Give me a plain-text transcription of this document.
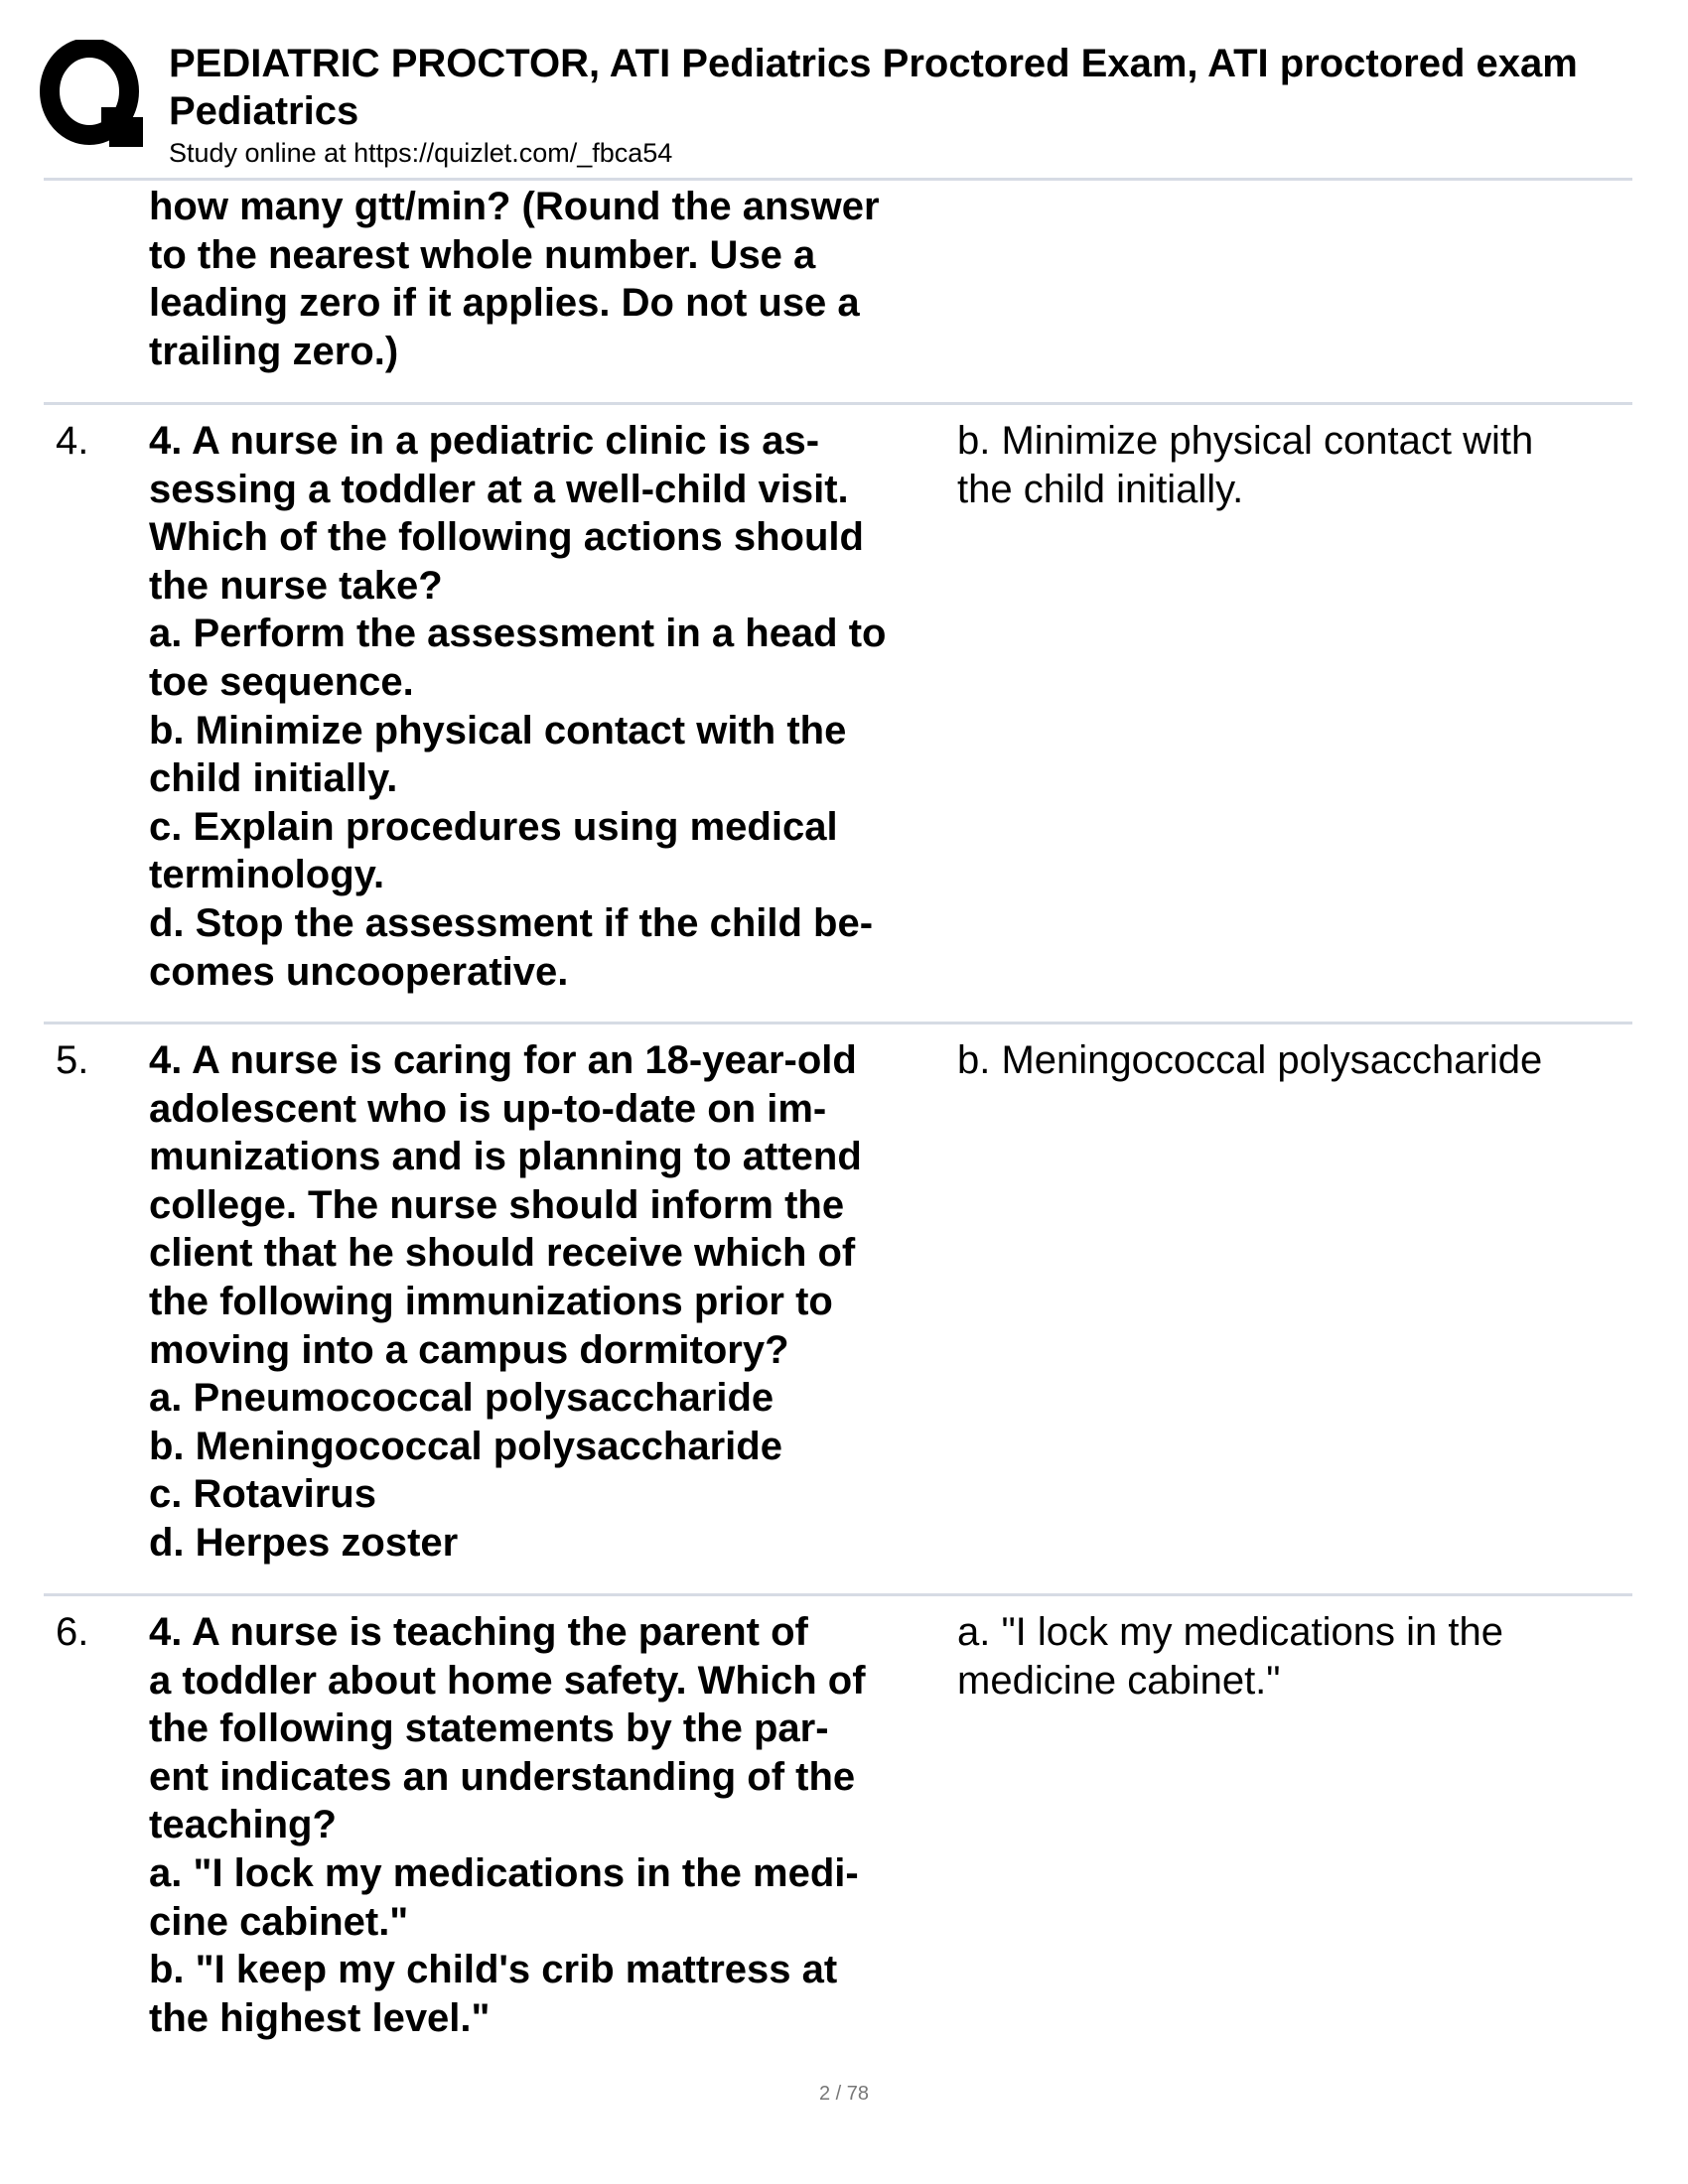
PEDIATRIC PROCTOR, ATI Pediatrics Proctored Exam, ATI proctored exam
Pediatrics
Study online at https://quizlet.com/_fbca54
how many gtt/min? (Round the answer
to the nearest whole number. Use a
leading zero if it applies. Do not use a
trailing zero.)
4. 4. A nurse in a pediatric clinic is as-
sessing a toddler at a well-child visit.
Which of the following actions should
the nurse take?
a. Perform the assessment in a head to
toe sequence.
b. Minimize physical contact with the
child initially.
c. Explain procedures using medical
terminology.
d. Stop the assessment if the child be-
comes uncooperative.
b. Minimize physical contact with
the child initially.
5. 4. A nurse is caring for an 18-year-old
adolescent who is up-to-date on im-
munizations and is planning to attend
college. The nurse should inform the
client that he should receive which of
the following immunizations prior to
moving into a campus dormitory?
a. Pneumococcal polysaccharide
b. Meningococcal polysaccharide
c. Rotavirus
d. Herpes zoster
b. Meningococcal polysaccharide
6. 4. A nurse is teaching the parent of
a toddler about home safety. Which of
the following statements by the par-
ent indicates an understanding of the
teaching?
a. "I lock my medications in the medi-
cine cabinet."
b. "I keep my child's crib mattress at
the highest level."
a. "I lock my medications in the
medicine cabinet."
2 / 78
